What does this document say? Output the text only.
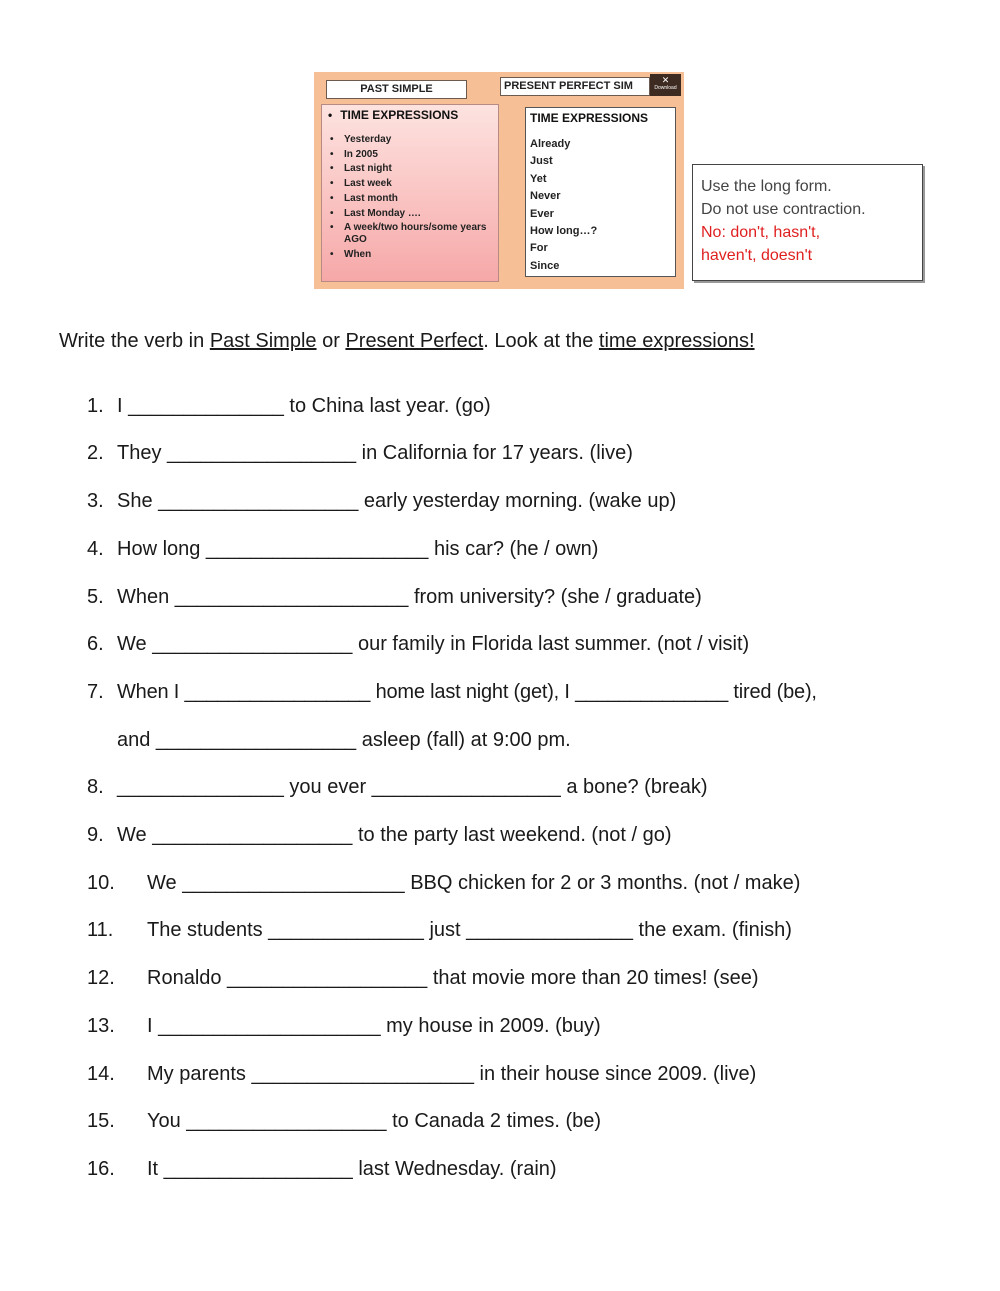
PAST SIMPLE	PRESENT PERFECT SIM	✕
Download
• TIME EXPRESSIONS
• Yesterday
• In 2005
• Last night
• Last week
• Last month
• Last Monday ….
• A week/two hours/some years AGO
• When
TIME EXPRESSIONS
Already
Just
Yet
Never
Ever
How long…?
For
Since
Use the long form.
Do not use contraction.
No: don't, hasn't,
haven't, doesn't
Write the verb in Past Simple or Present Perfect. Look at the time expressions!
1. I ______________ to China last year. (go)
2. They _________________ in California for 17 years. (live)
3. She __________________ early yesterday morning. (wake up)
4. How long ____________________ his car? (he / own)
5. When _____________________ from university? (she / graduate)
6. We __________________ our family in Florida last summer. (not / visit)
7. When I _________________ home last night (get), I ______________ tired (be),
and __________________ asleep (fall) at 9:00 pm.
8. _______________ you ever _________________ a bone? (break)
9. We __________________ to the party last weekend. (not / go)
10. We ____________________ BBQ chicken for 2 or 3 months. (not / make)
11. The students ______________ just _______________ the exam. (finish)
12. Ronaldo __________________ that movie more than 20 times! (see)
13. I ____________________ my house in 2009. (buy)
14. My parents ____________________ in their house since 2009. (live)
15. You __________________ to Canada 2 times. (be)
16. It _________________ last Wednesday. (rain)
